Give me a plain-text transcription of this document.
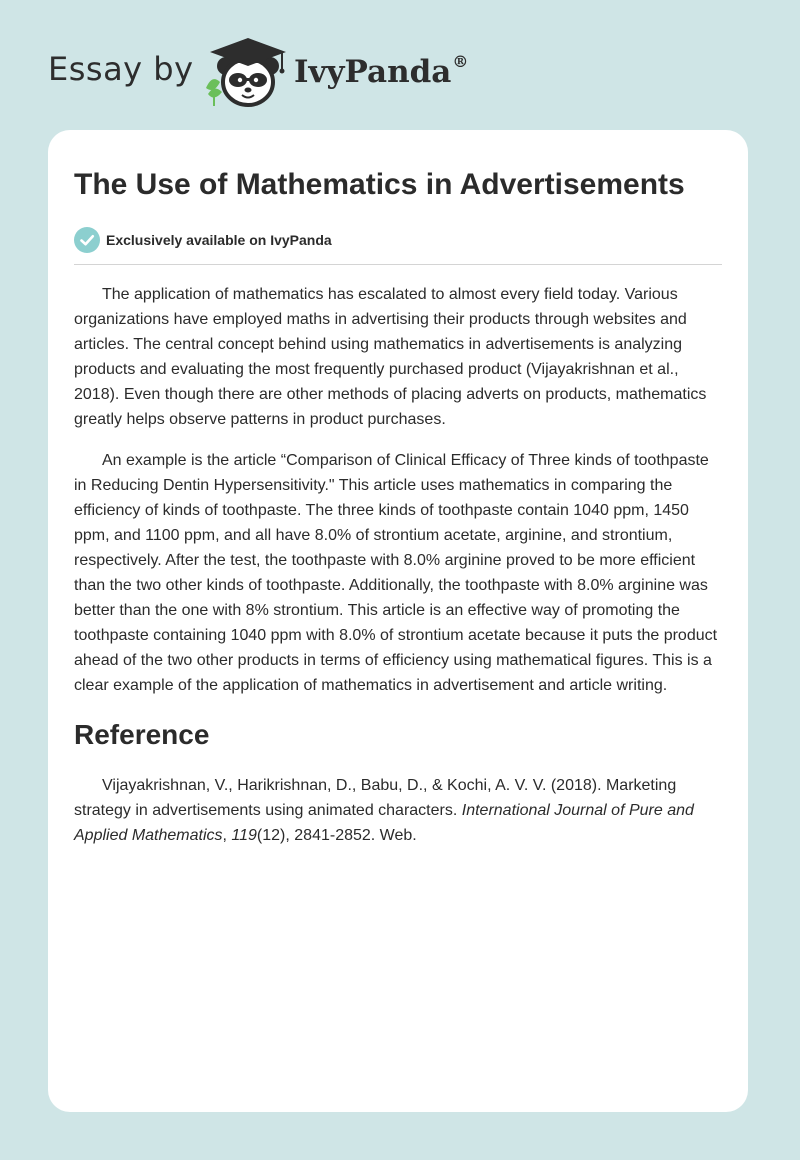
Essay by	IvyPanda®
The Use of Mathematics in Advertisements
Exclusively available on IvyPanda

The application of mathematics has escalated to almost every field today. Various organizations have employed maths in advertising their products through websites and articles. The central concept behind using mathematics in advertisements is analyzing products and evaluating the most frequently purchased product (Vijayakrishnan et al., 2018). Even though there are other methods of placing adverts on products, mathematics greatly helps observe patterns in product purchases.

An example is the article “Comparison of Clinical Efficacy of Three kinds of toothpaste in Reducing Dentin Hypersensitivity." This article uses mathematics in comparing the efficiency of kinds of toothpaste. The three kinds of toothpaste contain 1040 ppm, 1450 ppm, and 1100 ppm, and all have 8.0% of strontium acetate, arginine, and strontium, respectively. After the test, the toothpaste with 8.0% arginine proved to be more efficient than the two other kinds of toothpaste. Additionally, the toothpaste with 8.0% arginine was better than the one with 8% strontium. This article is an effective way of promoting the toothpaste containing 1040 ppm with 8.0% of strontium acetate because it puts the product ahead of the two other products in terms of efficiency using mathematical figures. This is a clear example of the application of mathematics in advertisement and article writing.

Reference

Vijayakrishnan, V., Harikrishnan, D., Babu, D., & Kochi, A. V. V. (2018). Marketing strategy in advertisements using animated characters. International Journal of Pure and Applied Mathematics, 119(12), 2841-2852. Web.
